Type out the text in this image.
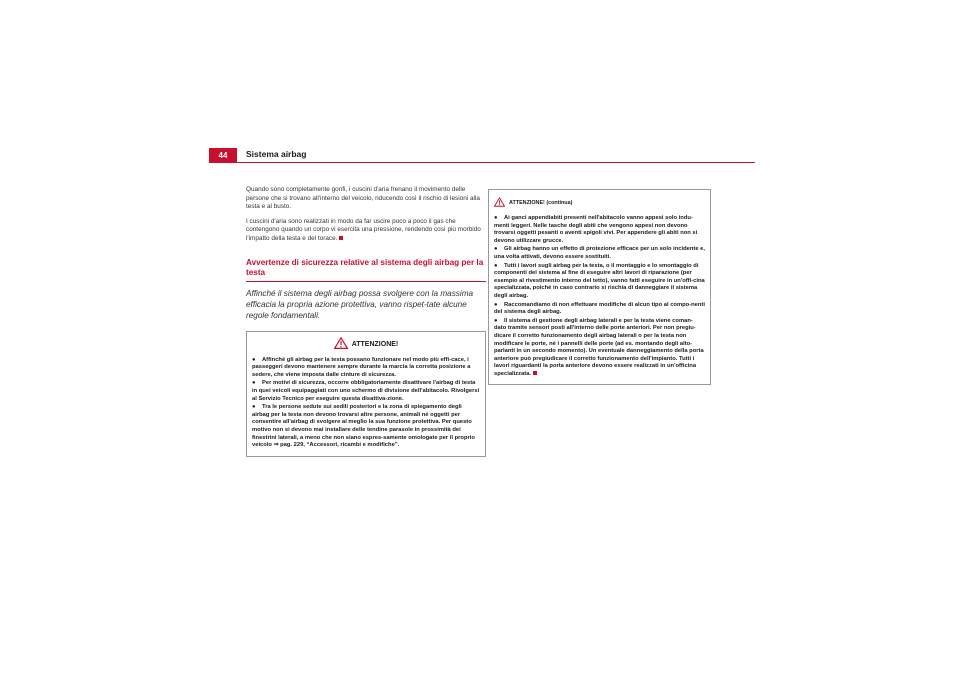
44	Sistema airbag

Quando sono completamente gonfi, i cuscini d'aria frenano il movimento delle persone che si trovano all'interno del veicolo, riducendo così il rischio di lesioni alla testa e al busto.

I cuscini d'aria sono realizzati in modo da far uscire poco a poco il gas che contengono quando un corpo vi esercita una pressione, rendendo così più morbido l'impatto della testa e del torace.

Avvertenze di sicurezza relative al sistema degli airbag per la testa

Affinché il sistema degli airbag possa svolgere con la massima efficacia la propria azione protettiva, vanno rispet-tate alcune regole fondamentali.

ATTENZIONE!

● Affinché gli airbag per la testa possano funzionare nel modo più effi-cace, i passeggeri devono mantenere sempre durante la marcia la corretta posizione a sedere, che viene imposta dalle cinture di sicurezza.

● Per motivi di sicurezza, occorre obbligatoriamente disattivare l'airbag di testa in quei veicoli equipaggiati con uno schermo di divisione dell'abitacolo. Rivolgersi al Servizio Tecnico per eseguire questa disattiva-zione.

● Tra le persone sedute sui sedili posteriori e la zona di spiegamento degli airbag per la testa non devono trovarsi altre persone, animali né oggetti per consentire all'airbag di svolgere al meglio la sua funzione protettiva. Per questo motivo non si devono mai installare delle tendine parasole in prossimità dei finestrini laterali, a meno che non siano espres-samente omologate per il proprio veicolo ⇒ pag. 229, “Accessori, ricambi e modifiche”.

ATTENZIONE! (continua)

● Ai ganci appendiabiti presenti nell'abitacolo vanno appesi solo indu-menti leggeri. Nelle tasche degli abiti che vengono appesi non devono trovarsi oggetti pesanti o aventi spigoli vivi. Per appendere gli abiti non si devono utilizzare grucce.

● Gli airbag hanno un effetto di protezione efficace per un solo incidente e, una volta attivati, devono essere sostituiti.

● Tutti i lavori sugli airbag per la testa, o il montaggio e lo smontaggio di componenti del sistema al fine di eseguire altri lavori di riparazione (per esempio al rivestimento interno del tetto), vanno fatti eseguire in un'offi-cina specializzata, poiché in caso contrario si rischia di danneggiare il sistema degli airbag.

● Raccomandiamo di non effettuare modifiche di alcun tipo al compo-nenti del sistema degli airbag.

● Il sistema di gestione degli airbag laterali e per la testa viene coman-dato tramite sensori posti all'interno delle porte anteriori. Per non pregiu-dicare il corretto funzionamento degli airbag laterali o per la testa non modificare le porte, né i pannelli delle porte (ad es. montando degli alto-parlanti in un secondo momento). Un eventuale danneggiamento della porta anteriore può pregiudicare il corretto funzionamento dell'impianto. Tutti i lavori riguardanti la porta anteriore devono essere realizzati in un'officina specializzata.
